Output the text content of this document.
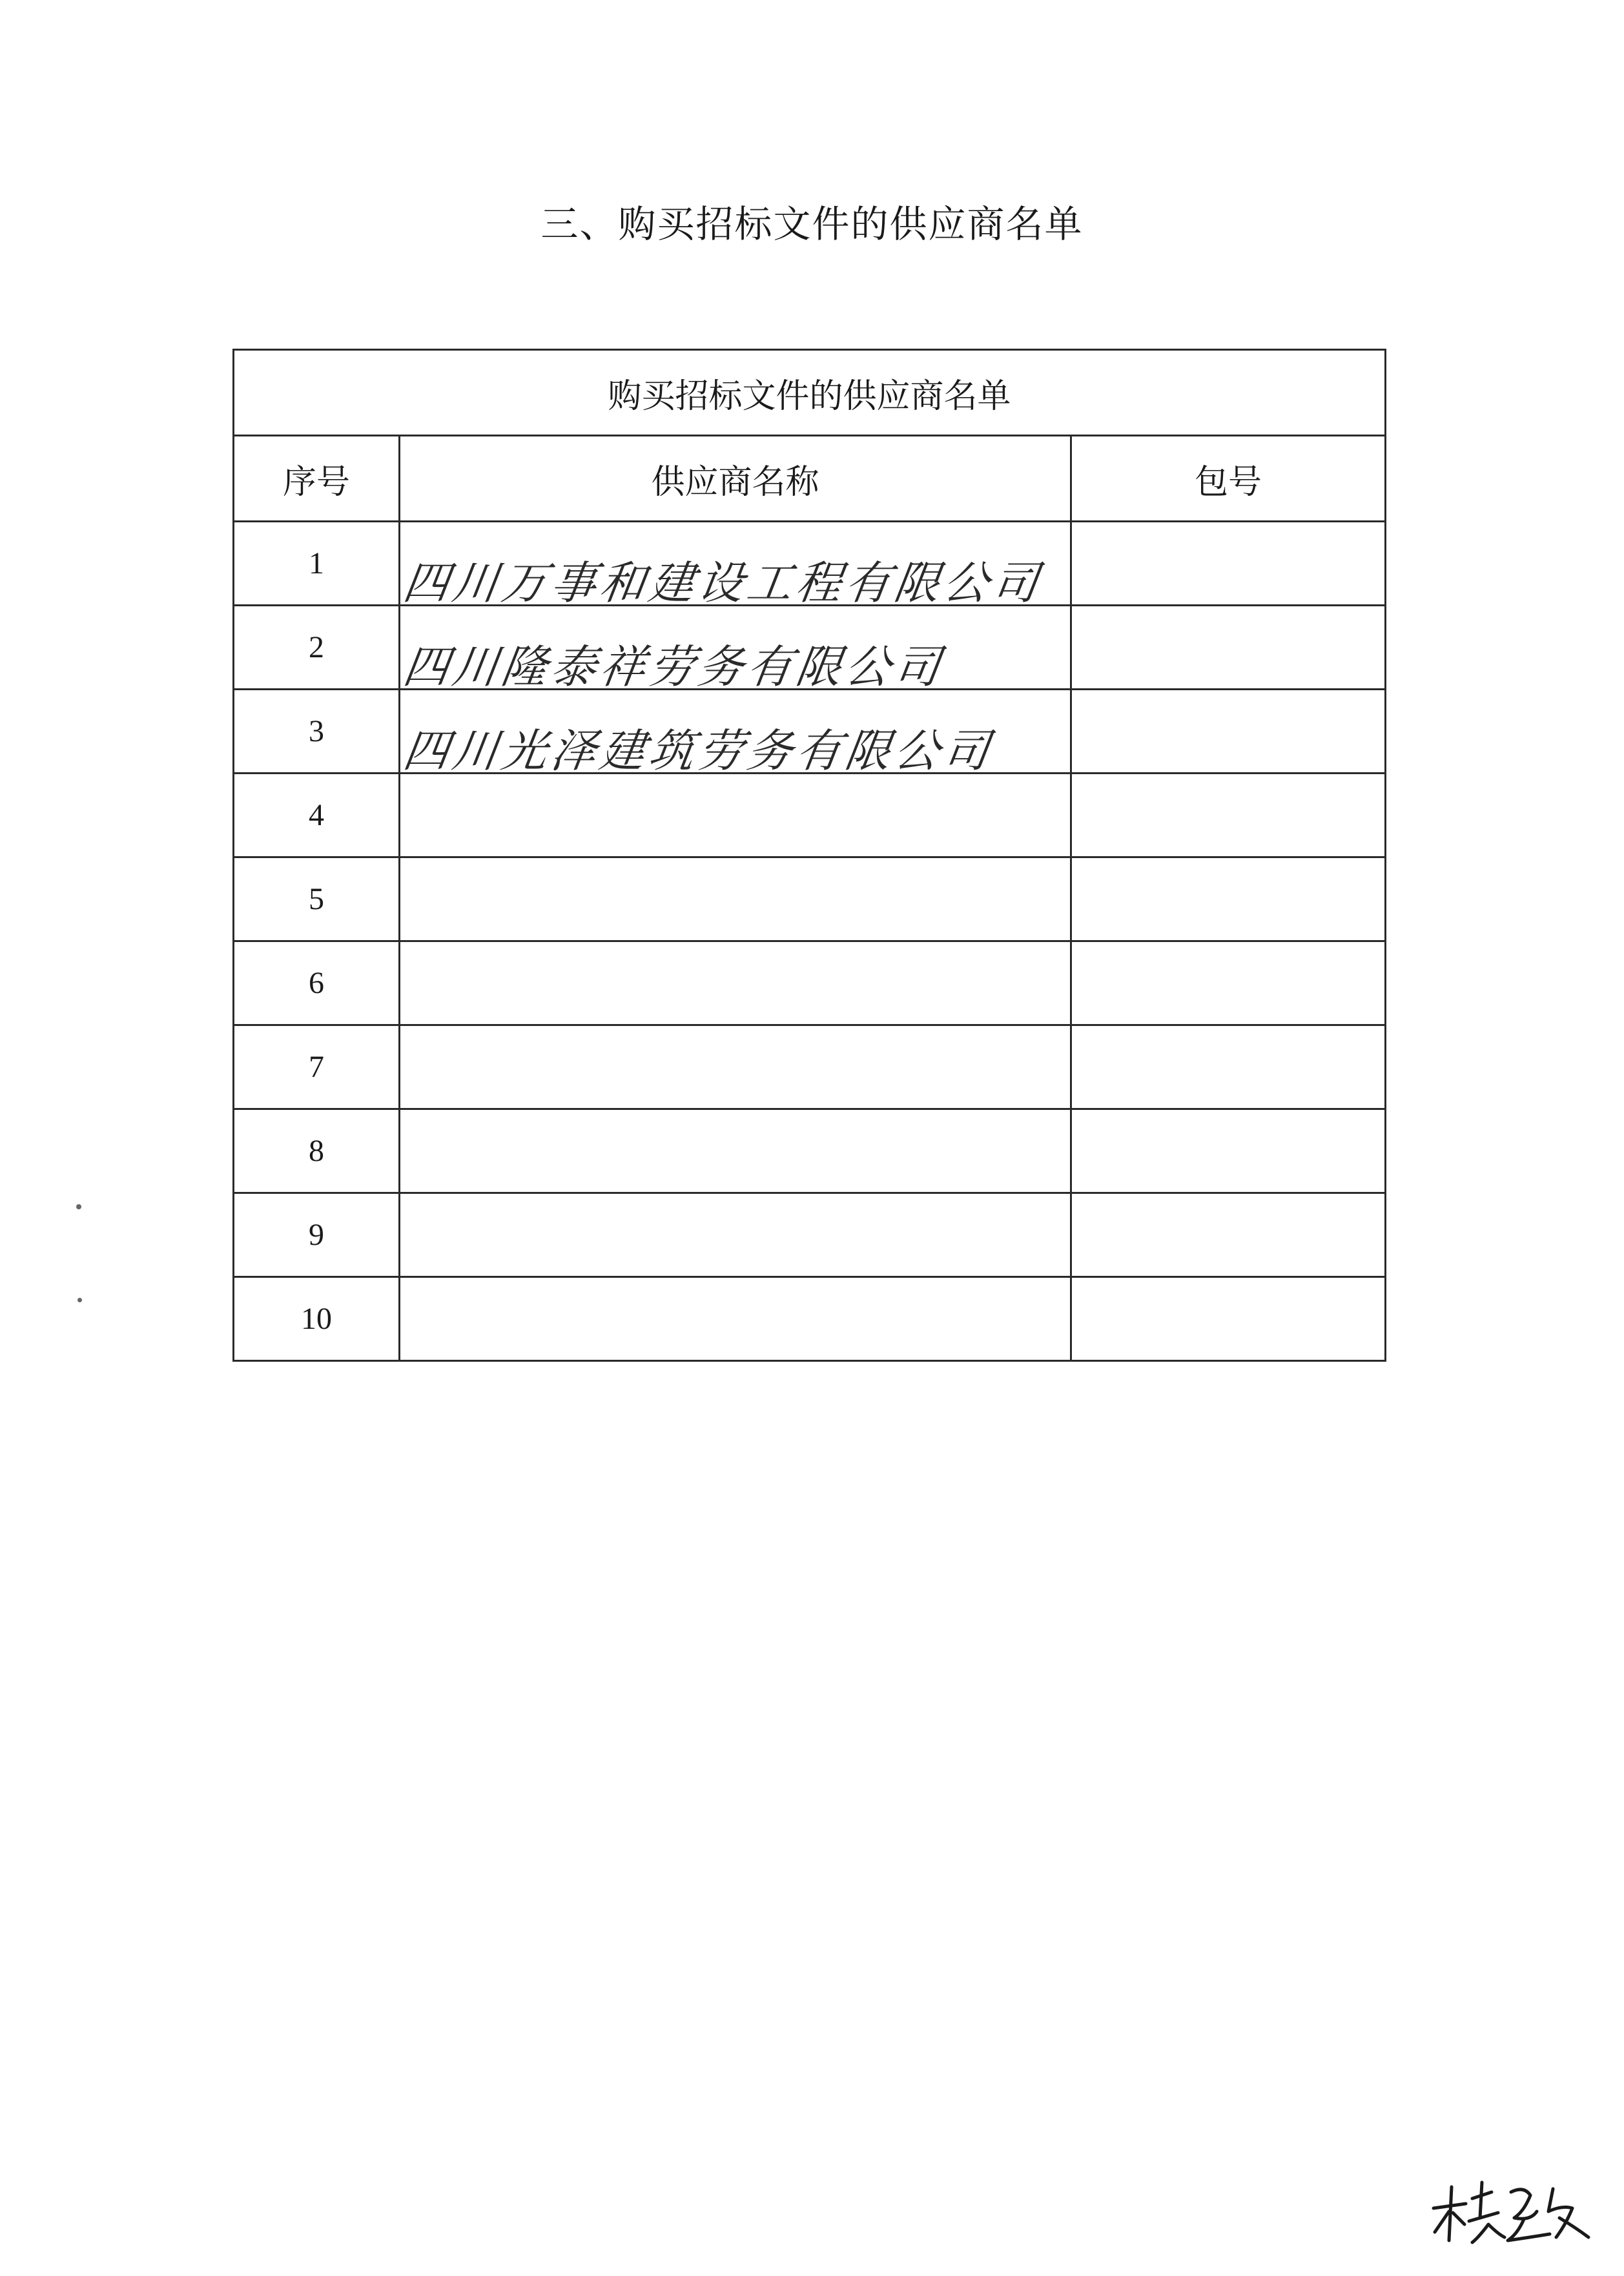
三、购买招标文件的供应商名单
购买招标文件的供应商名单		
序号	供应商名称	包号
1	四川万事和建设工程有限公司	

2	四川隆泰祥劳务有限公司	

3	四川光泽建筑劳务有限公司	

4		
5		
6		
7		
8		
9		
10		
